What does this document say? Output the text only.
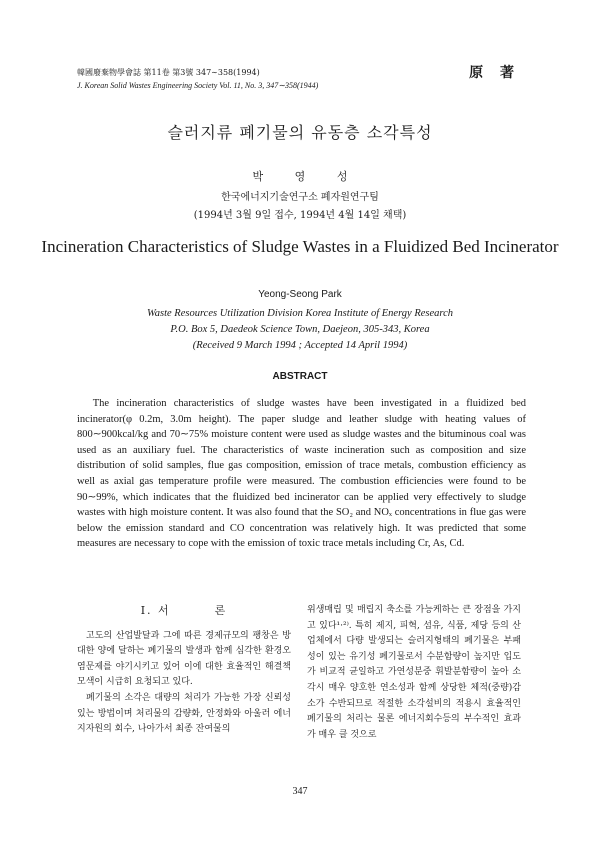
韓國廢棄物學會誌 第11卷 第3號 347∼358(1994)
J. Korean Solid Wastes Engineering Society Vol. 11, No. 3, 347∼358(1944)
原 著
슬러지류 폐기물의 유동층 소각특성
박	영	성
한국에너지기술연구소 폐자원연구팀
(1994년 3월 9일 접수, 1994년 4월 14일 채택)
Incineration Characteristics of Sludge Wastes in a Fluidized Bed Incinerator
Yeong-Seong Park
Waste Resources Utilization Division Korea Institute of Energy Research
P.O. Box 5, Daedeok Science Town, Daejeon, 305-343, Korea
(Received 9 March 1994 ; Accepted 14 April 1994)
ABSTRACT
The incineration characteristics of sludge wastes have been investigated in a fluidized bed incinerator(φ 0.2m, 3.0m height). The paper sludge and leather sludge with heating values of 800∼900kcal/kg and 70∼75% moisture content were used as sludge wastes and the bituminous coal was used as an auxiliary fuel. The characteristics of waste incineration such as composition and size distribution of solid samples, flue gas composition, emission of trace metals, combustion efficiency as well as axial gas temperature profile were measured. The combustion efficiencies were found to be 90∼99%, which indicates that the fluidized bed incinerator can be applied very effectively to sludge wastes with high moisture content. It was also found that the SO₂ and NOₓ concentrations in flue gas were below the emission standard and CO concentration was relatively high. It was predicted that some measures are necessary to cope with the emission of toxic trace metals including Cr, As, Cd.
I. 서	론

고도의 산업발달과 그에 따른 경제규모의 팽창은 방대한 양에 달하는 폐기물의 발생과 함께 심각한 환경오염문제를 야기시키고 있어 이에 대한 효율적인 해결책 모색이 시급히 요청되고 있다.

폐기물의 소각은 대량의 처리가 가능한 가장 신뢰성 있는 방법이며 처리물의 감량화, 안정화와 아울러 에너지자원의 회수, 나아가서 최종 잔여물의

위생매립 및 매립지 축소를 가능케하는 큰 장점을 가지고 있다¹·²⁾. 특히 제지, 피혁, 섬유, 식품, 제당 등의 산업체에서 다량 발생되는 슬러지형태의 폐기물은 부패성이 있는 유기성 폐기물로서 수분함량이 높지만 입도가 비교적 균일하고 가연성분중 휘발분함량이 높아 소각시 매우 양호한 연소성과 함께 상당한 체적(중량)감소가 수반되므로 적절한 소각설비의 적용시 효율적인 폐기물의 처리는 물론 에너지회수등의 부수적인 효과가 매우 클 것으로

347
